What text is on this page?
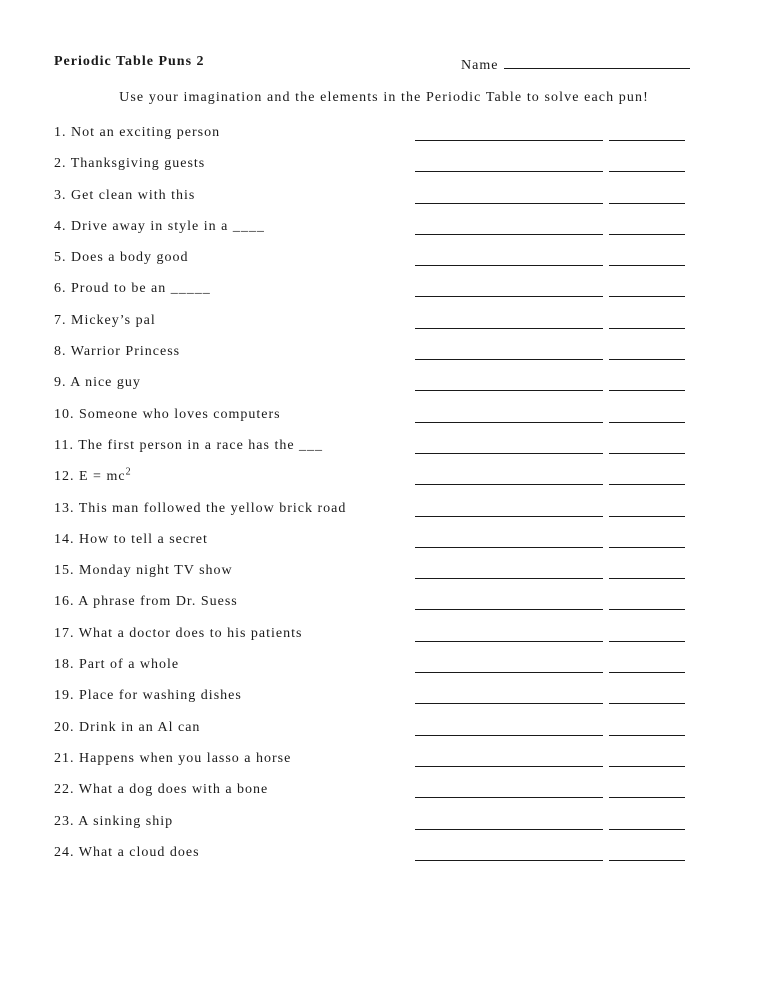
Periodic Table Puns 2	Name
Use your imagination and the elements in the Periodic Table to solve each pun!
1. Not an exciting person
2. Thanksgiving guests
3. Get clean with this
4. Drive away in style in a ____
5. Does a body good
6. Proud to be an _____
7. Mickey’s pal
8. Warrior Princess
9. A nice guy
10. Someone who loves computers
11. The first person in a race has the ___
12. $E = mc^2$
13. This man followed the yellow brick road
14. How to tell a secret
15. Monday night TV show
16. A phrase from Dr. Suess
17. What a doctor does to his patients
18. Part of a whole
19. Place for washing dishes
20. Drink in an Al can
21. Happens when you lasso a horse
22. What a dog does with a bone
23. A sinking ship
24. What a cloud does
